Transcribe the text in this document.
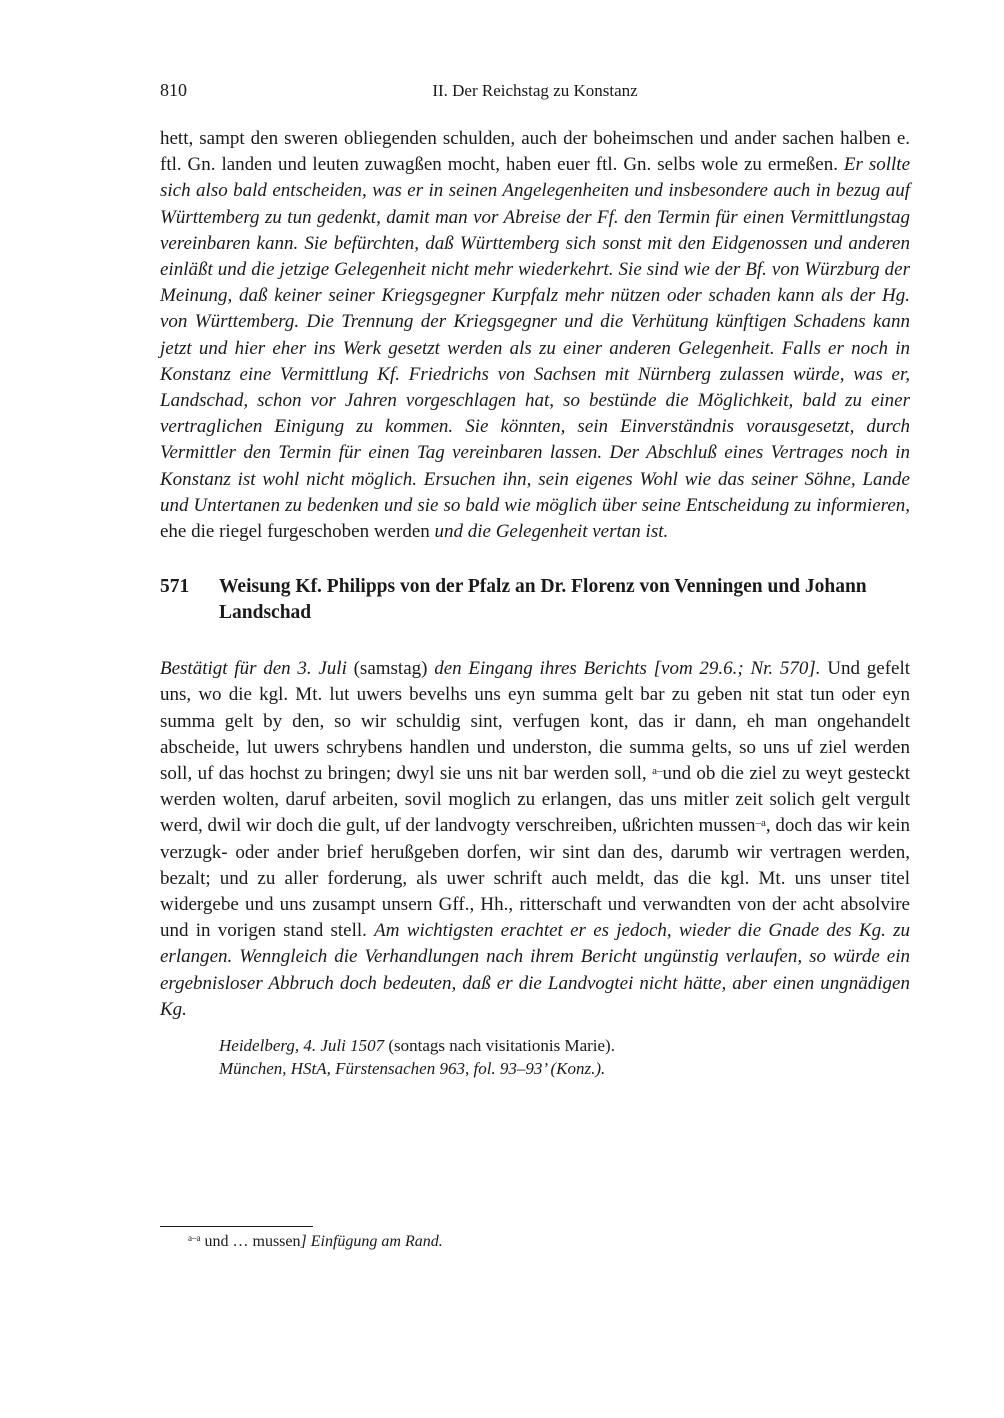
810	II. Der Reichstag zu Konstanz

hett, sampt den sweren obliegenden schulden, auch der boheimschen und ander sachen halben e. ftl. Gn. landen und leuten zuwagßen mocht, haben euer ftl. Gn. selbs wole zu ermeßen. Er sollte sich also bald entscheiden, was er in seinen Angelegenheiten und insbesondere auch in bezug auf Württemberg zu tun gedenkt, damit man vor Abreise der Ff. den Termin für einen Vermittlungstag vereinbaren kann. Sie befürchten, daß Württemberg sich sonst mit den Eidgenossen und anderen einläßt und die jetzige Gelegenheit nicht mehr wiederkehrt. Sie sind wie der Bf. von Würzburg der Meinung, daß keiner seiner Kriegsgegner Kurpfalz mehr nützen oder schaden kann als der Hg. von Württemberg. Die Trennung der Kriegsgegner und die Verhütung künftigen Schadens kann jetzt und hier eher ins Werk gesetzt werden als zu einer anderen Gelegenheit. Falls er noch in Konstanz eine Vermittlung Kf. Friedrichs von Sachsen mit Nürnberg zulassen würde, was er, Landschad, schon vor Jahren vorgeschlagen hat, so bestünde die Möglichkeit, bald zu einer vertraglichen Einigung zu kommen. Sie könnten, sein Einverständnis vorausgesetzt, durch Vermittler den Termin für einen Tag vereinbaren lassen. Der Abschluß eines Vertrages noch in Konstanz ist wohl nicht möglich. Ersuchen ihn, sein eigenes Wohl wie das seiner Söhne, Lande und Untertanen zu bedenken und sie so bald wie möglich über seine Entscheidung zu informieren, ehe die riegel furgeschoben werden und die Gelegenheit vertan ist.

571	Weisung Kf. Philipps von der Pfalz an Dr. Florenz von Venningen und Johann Landschad

Bestätigt für den 3. Juli (samstag) den Eingang ihres Berichts [vom 29.6.; Nr. 570]. Und gefelt uns, wo die kgl. Mt. lut uwers bevelhs uns eyn summa gelt bar zu geben nit stat tun oder eyn summa gelt by den, so wir schuldig sint, verfugen kont, das ir dann, eh man ongehandelt abscheide, lut uwers schrybens handlen und underston, die summa gelts, so uns uf ziel werden soll, uf das hochst zu bringen; dwyl sie uns nit bar werden soll, $^{a-}$und ob die ziel zu weyt gesteckt werden wolten, daruf arbeiten, sovil moglich zu erlangen, das uns mitler zeit solich gelt vergult werd, dwil wir doch die gult, uf der landvogty verschreiben, ußrichten mussen$^{-a}$, doch das wir kein verzugk- oder ander brief herußgeben dorfen, wir sint dan des, darumb wir vertragen werden, bezalt; und zu aller forderung, als uwer schrift auch meldt, das die kgl. Mt. uns unser titel widergebe und uns zusampt unsern Gff., Hh., ritterschaft und verwandten von der acht absolvire und in vorigen stand stell. Am wichtigsten erachtet er es jedoch, wieder die Gnade des Kg. zu erlangen. Wenngleich die Verhandlungen nach ihrem Bericht ungünstig verlaufen, so würde ein ergebnisloser Abbruch doch bedeuten, daß er die Landvogtei nicht hätte, aber einen ungnädigen Kg.

Heidelberg, 4. Juli 1507 (sontags nach visitationis Marie).
München, HStA, Fürstensachen 963, fol. 93–93’ (Konz.).
$^{a-a}$ und … mussen] Einfügung am Rand.
